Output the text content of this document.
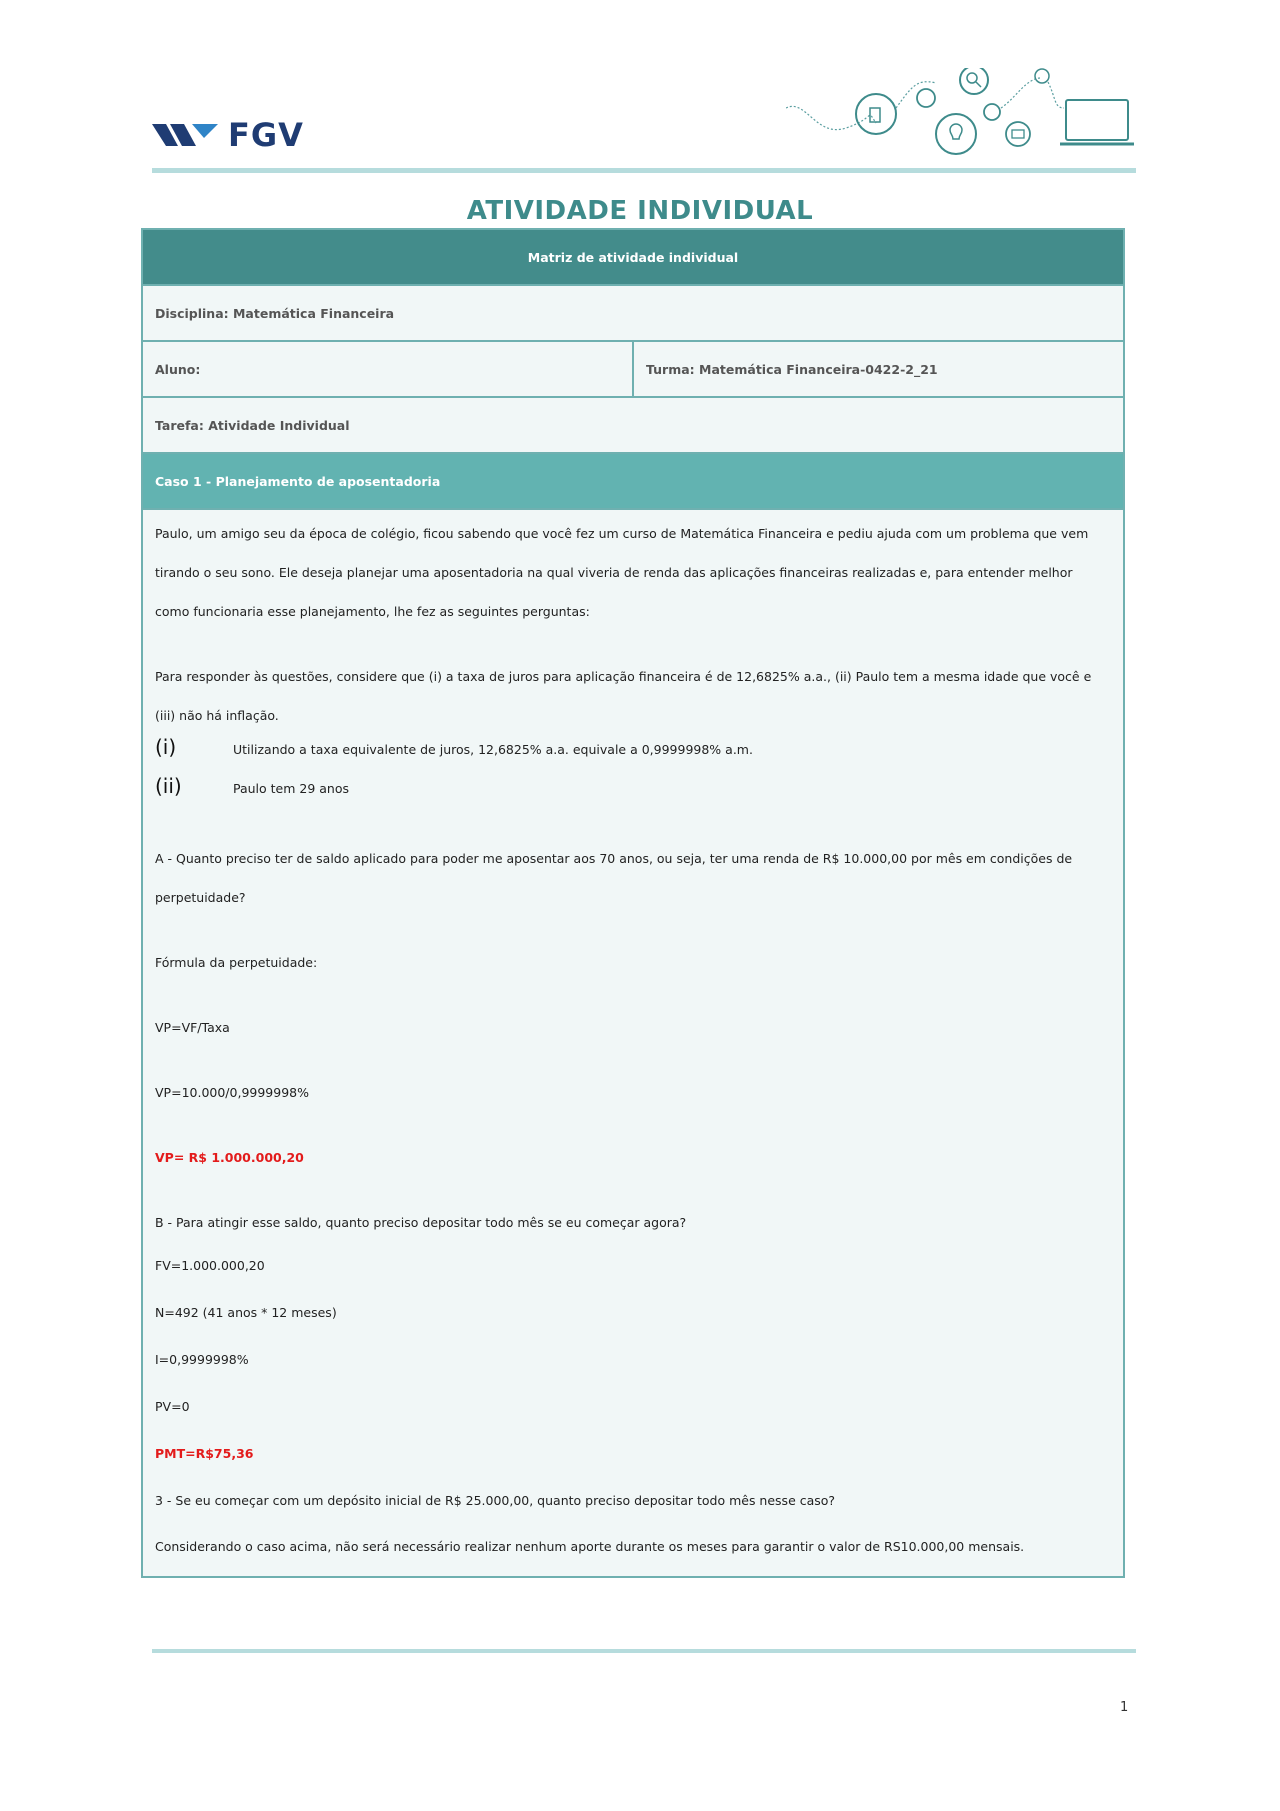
FGV
ATIVIDADE INDIVIDUAL
Matriz de atividade individual
Disciplina: Matemática Financeira
Aluno:	Turma: Matemática Financeira-0422-2_21
Tarefa: Atividade Individual
Caso 1 - Planejamento de aposentadoria

Paulo, um amigo seu da época de colégio, ficou sabendo que você fez um curso de Matemática Financeira e pediu ajuda com um problema que vem

tirando o seu sono. Ele deseja planejar uma aposentadoria na qual viveria de renda das aplicações financeiras realizadas e, para entender melhor

como funcionaria esse planejamento, lhe fez as seguintes perguntas:

Para responder às questões, considere que (i) a taxa de juros para aplicação financeira é de 12,6825% a.a., (ii) Paulo tem a mesma idade que você e

(iii) não há inflação.

(i)	Utilizando a taxa equivalente de juros, 12,6825% a.a. equivale a 0,9999998% a.m.
(ii)	Paulo tem 29 anos

A - Quanto preciso ter de saldo aplicado para poder me aposentar aos 70 anos, ou seja, ter uma renda de R$ 10.000,00 por mês em condições de

perpetuidade?

Fórmula da perpetuidade:

VP=VF/Taxa

VP=10.000/0,9999998%

VP= R$ 1.000.000,20

B - Para atingir esse saldo, quanto preciso depositar todo mês se eu começar agora?

FV=1.000.000,20

N=492 (41 anos * 12 meses)

I=0,9999998%

PV=0

PMT=R$75,36

3 - Se eu começar com um depósito inicial de R$ 25.000,00, quanto preciso depositar todo mês nesse caso?

Considerando o caso acima, não será necessário realizar nenhum aporte durante os meses para garantir o valor de RS10.000,00 mensais.

1
